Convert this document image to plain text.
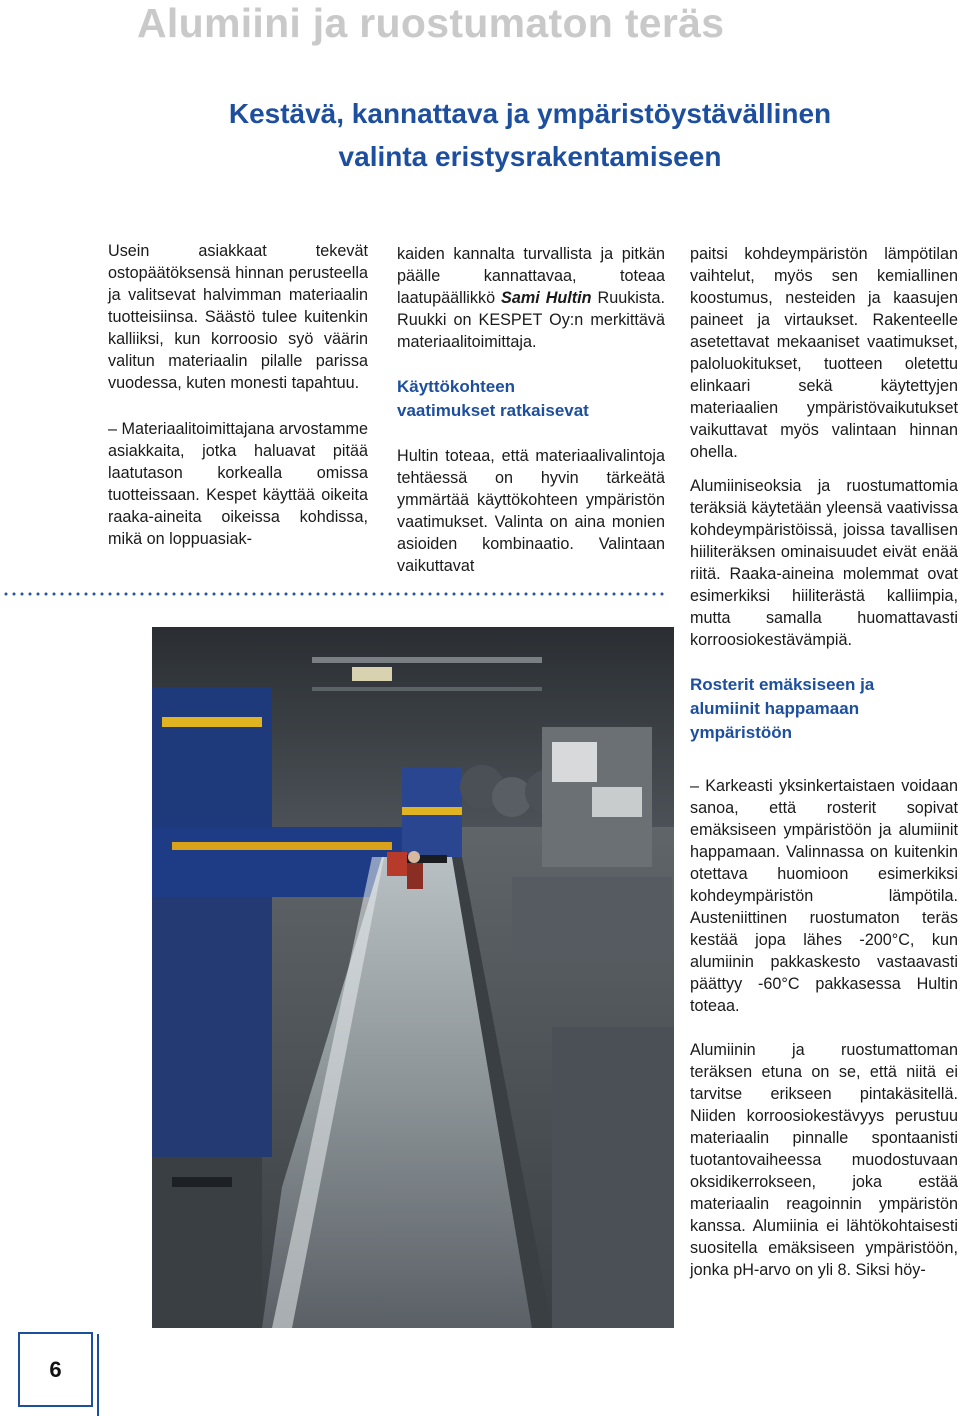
Alumiini ja ruostumaton teräs
Kestävä, kannattava ja ympäristöystävällinen
valinta eristysrakentamiseen

Usein asiakkaat tekevät ostopäätöksensä hinnan perusteella ja valitsevat halvimman materiaalin tuotteisiinsa. Säästö tulee kuitenkin kalliiksi, kun korroosio syö väärin valitun materiaalin pilalle parissa vuodessa, kuten monesti tapahtuu.

– Materiaalitoimittajana arvostamme asiakkaita, jotka haluavat pitää laatutason korkealla omissa tuotteissaan. Kespet käyttää oikeita raaka-aineita oikeissa kohdissa, mikä on loppuasiak-

kaiden kannalta turvallista ja pitkän päälle kannattavaa, toteaa laatupäällikkö Sami Hultin Ruukista. Ruukki on KESPET Oy:n merkittävä materiaalitoimittaja.

Käyttökohteen
vaatimukset ratkaisevat

Hultin toteaa, että materiaalivalintoja tehtäessä on hyvin tärkeätä ymmärtää käyttökohteen ympäristön vaatimukset. Valinta on aina monien asioiden kombinaatio. Valintaan vaikuttavat

paitsi kohdeympäristön lämpötilan vaihtelut, myös sen kemiallinen koostumus, nesteiden ja kaasujen paineet ja virtaukset. Rakenteelle asetettavat mekaaniset vaatimukset, paloluokitukset, tuotteen oletettu elinkaari sekä käytettyjen materiaalien ympäristövaikutukset vaikuttavat myös valintaan hinnan ohella.

Alumiiniseoksia ja ruostumattomia teräksiä käytetään yleensä vaativissa kohdeympäristöissä, joissa tavallisen hiiliteräksen ominaisuudet eivät enää riitä. Raaka-aineina molemmat ovat esimerkiksi hiiliterästä kalliimpia, mutta samalla huomattavasti korroosiokestävämpiä.

Rosterit emäksiseen ja
alumiinit happamaan
ympäristöön

– Karkeasti yksinkertaistaen voidaan sanoa, että rosterit sopivat emäksiseen ympäristöön ja alumiinit happamaan. Valinnassa on kuitenkin otettava huomioon esimerkiksi kohdeympäristön lämpötila. Austeniittinen ruostumaton teräs kestää jopa lähes -200°C, kun alumiinin pakkaskesto vastaavasti päättyy -60°C pakkasessa Hultin toteaa.

Alumiinin ja ruostumattoman teräksen etuna on se, että niitä ei tarvitse erikseen pintakäsitellä. Niiden korroosiokestävyys perustuu materiaalin pinnalle spontaanisti tuotantovaiheessa muodostuvaan oksidikerrokseen, joka estää materiaalin reagoinnin ympäristön kanssa. Alumiinia ei lähtökohtaisesti suositella emäksiseen ympäristöön, jonka pH-arvo on yli 8. Siksi höy-

6
